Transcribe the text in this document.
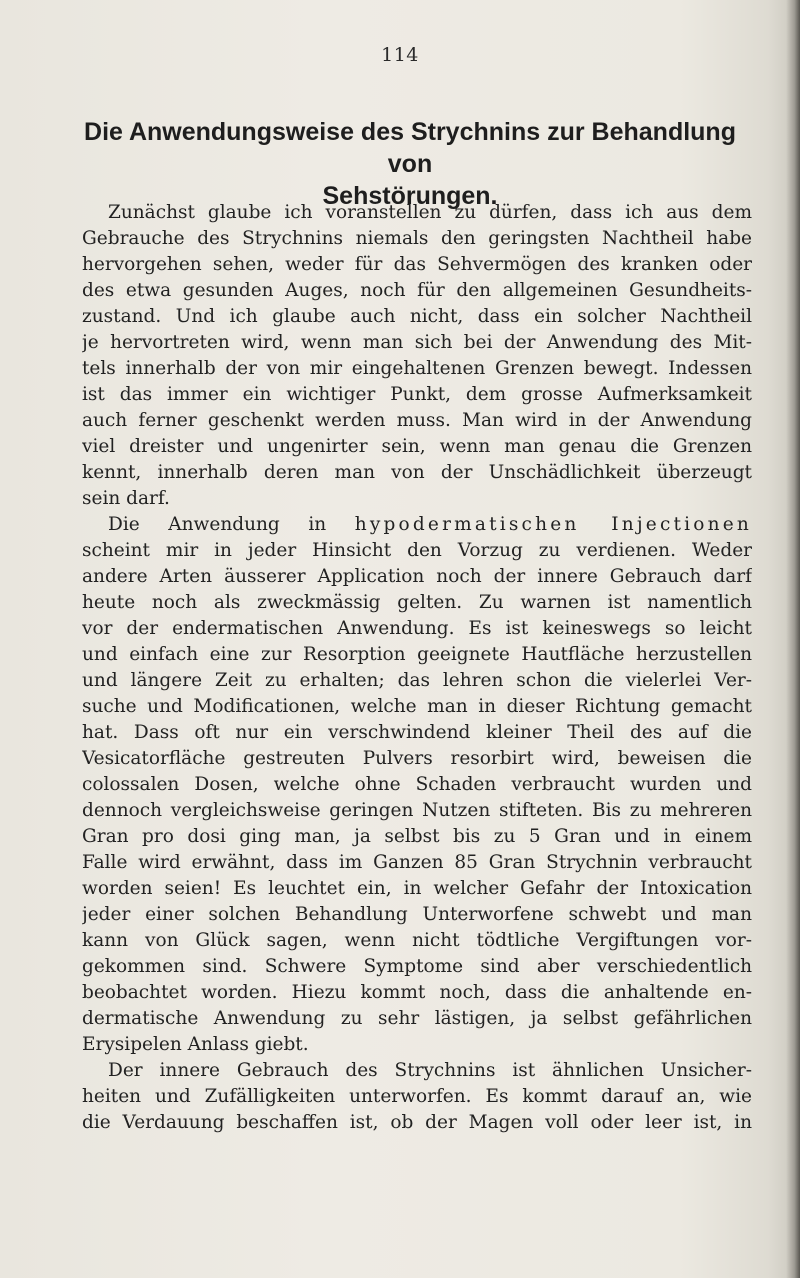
114
Die Anwendungsweise des Strychnins zur Behandlung von
Sehstörungen.
Zunächst glaube ich voranstellen zu dürfen, dass ich aus dem
Gebrauche des Strychnins niemals den geringsten Nachtheil habe
hervorgehen sehen, weder für das Sehvermögen des kranken oder
des etwa gesunden Auges, noch für den allgemeinen Gesundheits-
zustand. Und ich glaube auch nicht, dass ein solcher Nachtheil
je hervortreten wird, wenn man sich bei der Anwendung des Mit-
tels innerhalb der von mir eingehaltenen Grenzen bewegt. Indessen
ist das immer ein wichtiger Punkt, dem grosse Aufmerksamkeit
auch ferner geschenkt werden muss. Man wird in der Anwendung
viel dreister und ungenirter sein, wenn man genau die Grenzen
kennt, innerhalb deren man von der Unschädlichkeit überzeugt
sein darf.
Die Anwendung in hypodermatischen Injectionen
scheint mir in jeder Hinsicht den Vorzug zu verdienen. Weder
andere Arten äusserer Application noch der innere Gebrauch darf
heute noch als zweckmässig gelten. Zu warnen ist namentlich
vor der endermatischen Anwendung. Es ist keineswegs so leicht
und einfach eine zur Resorption geeignete Hautfläche herzustellen
und längere Zeit zu erhalten; das lehren schon die vielerlei Ver-
suche und Modificationen, welche man in dieser Richtung gemacht
hat. Dass oft nur ein verschwindend kleiner Theil des auf die
Vesicatorfläche gestreuten Pulvers resorbirt wird, beweisen die
colossalen Dosen, welche ohne Schaden verbraucht wurden und
dennoch vergleichsweise geringen Nutzen stifteten. Bis zu mehreren
Gran pro dosi ging man, ja selbst bis zu 5 Gran und in einem
Falle wird erwähnt, dass im Ganzen 85 Gran Strychnin verbraucht
worden seien! Es leuchtet ein, in welcher Gefahr der Intoxication
jeder einer solchen Behandlung Unterworfene schwebt und man
kann von Glück sagen, wenn nicht tödtliche Vergiftungen vor-
gekommen sind. Schwere Symptome sind aber verschiedentlich
beobachtet worden. Hiezu kommt noch, dass die anhaltende en-
dermatische Anwendung zu sehr lästigen, ja selbst gefährlichen
Erysipelen Anlass giebt.
Der innere Gebrauch des Strychnins ist ähnlichen Unsicher-
heiten und Zufälligkeiten unterworfen. Es kommt darauf an, wie
die Verdauung beschaffen ist, ob der Magen voll oder leer ist, in
